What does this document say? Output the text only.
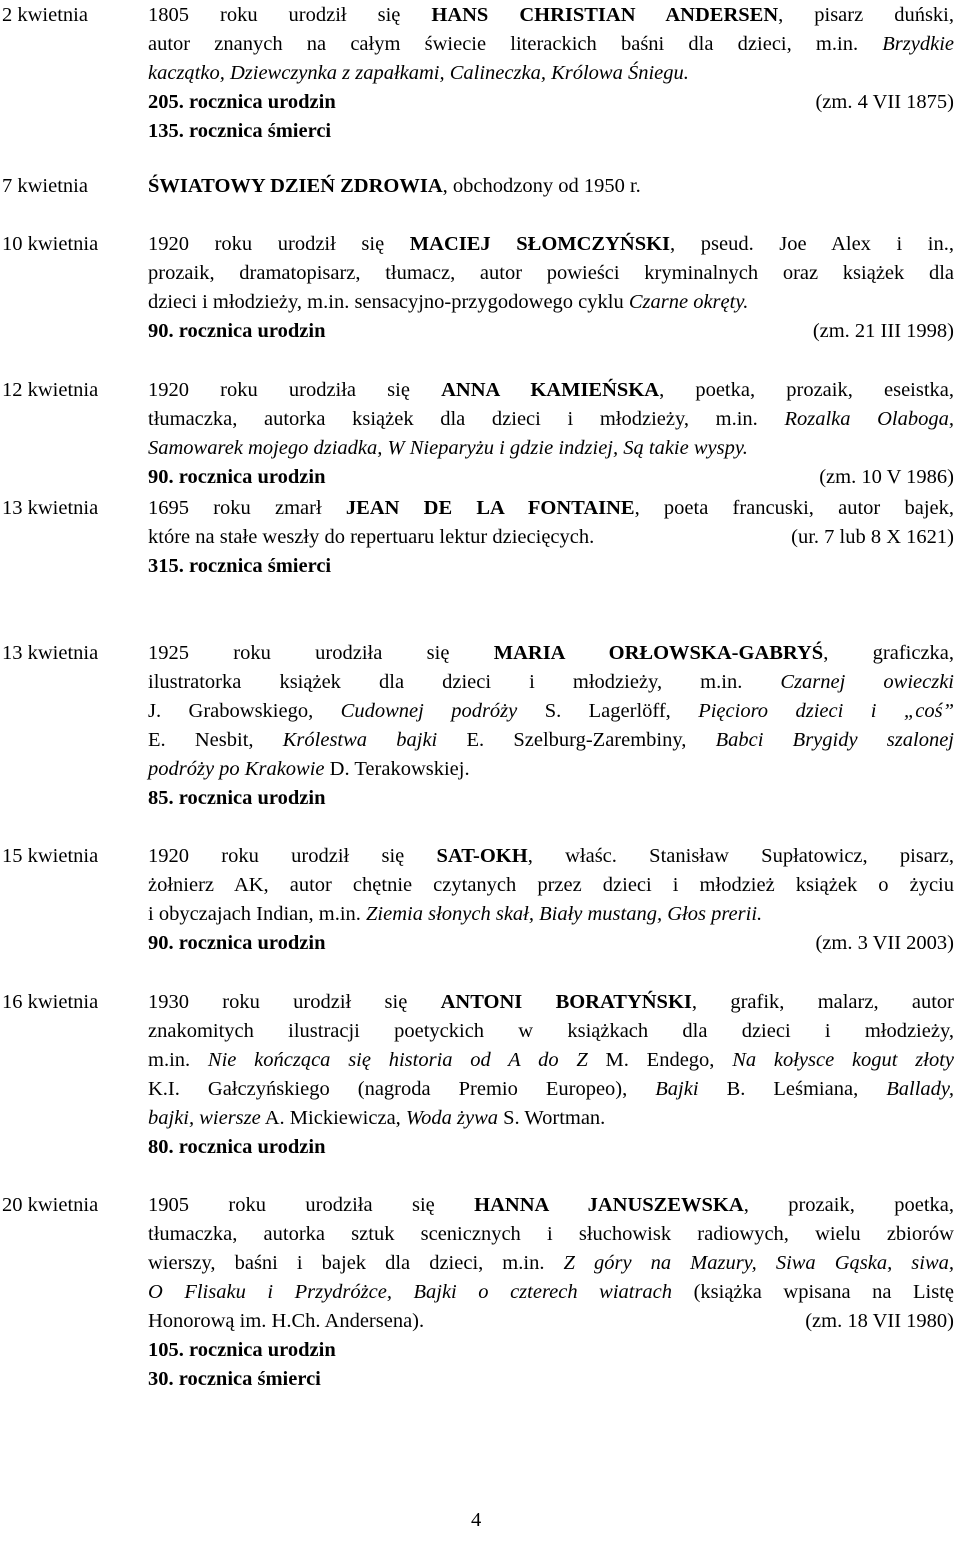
2 kwietnia	1805 roku urodził się HANS CHRISTIAN ANDERSEN, pisarz duński,
autor znanych na całym świecie literackich baśni dla dzieci, m.in. Brzydkie
kaczątko, Dziewczynka z zapałkami, Calineczka, Królowa Śniegu.
205. rocznica urodzin	(zm. 4 VII 1875)
135. rocznica śmierci
7 kwietnia	ŚWIATOWY DZIEŃ ZDROWIA, obchodzony od 1950 r.
10 kwietnia 1920 roku urodził się MACIEJ SŁOMCZYŃSKI, pseud. Joe Alex i in.,
prozaik, dramatopisarz, tłumacz, autor powieści kryminalnych oraz książek dla
dzieci i młodzieży, m.in. sensacyjno-przygodowego cyklu Czarne okręty.
90. rocznica urodzin	(zm. 21 III 1998)
12 kwietnia 1920 roku urodziła się ANNA KAMIEŃSKA, poetka, prozaik, eseistka,
tłumaczka, autorka książek dla dzieci i młodzieży, m.in. Rozalka Olaboga,
Samowarek mojego dziadka, W Nieparyżu i gdzie indziej, Są takie wyspy.
90. rocznica urodzin	(zm. 10 V 1986)
13 kwietnia 1695 roku zmarł JEAN DE LA FONTAINE, poeta francuski, autor bajek,
które na stałe weszły do repertuaru lektur dziecięcych.	(ur. 7 lub 8 X 1621)
315. rocznica śmierci
13 kwietnia 1925 roku urodziła się MARIA ORŁOWSKA-GABRYŚ, graficzka,
ilustratorka książek dla dzieci i młodzieży, m.in. Czarnej owieczki
J. Grabowskiego, Cudownej podróży S. Lagerlöff, Pięcioro dzieci i „coś”
E. Nesbit, Królestwa bajki E. Szelburg-Zarembiny, Babci Brygidy szalonej
podróży po Krakowie D. Terakowskiej.
85. rocznica urodzin
15 kwietnia 1920 roku urodził się SAT-OKH, właśc. Stanisław Supłatowicz, pisarz,
żołnierz AK, autor chętnie czytanych przez dzieci i młodzież książek o życiu
i obyczajach Indian, m.in. Ziemia słonych skał, Biały mustang, Głos prerii.
90. rocznica urodzin	(zm. 3 VII 2003)
16 kwietnia 1930 roku urodził się ANTONI BORATYŃSKI, grafik, malarz, autor
znakomitych ilustracji poetyckich w książkach dla dzieci i młodzieży,
m.in. Nie kończąca się historia od A do Z M. Endego, Na kołysce kogut złoty
K.I. Gałczyńskiego (nagroda Premio Europeo), Bajki B. Leśmiana, Ballady,
bajki, wiersze A. Mickiewicza, Woda żywa S. Wortman.
80. rocznica urodzin
20 kwietnia 1905 roku urodziła się HANNA JANUSZEWSKA, prozaik, poetka,
tłumaczka, autorka sztuk scenicznych i słuchowisk radiowych, wielu zbiorów
wierszy, baśni i bajek dla dzieci, m.in. Z góry na Mazury, Siwa Gąska, siwa,
O Flisaku i Przydróżce, Bajki o czterech wiatrach (książka wpisana na Listę
Honorową im. H.Ch. Andersena).	(zm. 18 VII 1980)
105. rocznica urodzin
30. rocznica śmierci
4
